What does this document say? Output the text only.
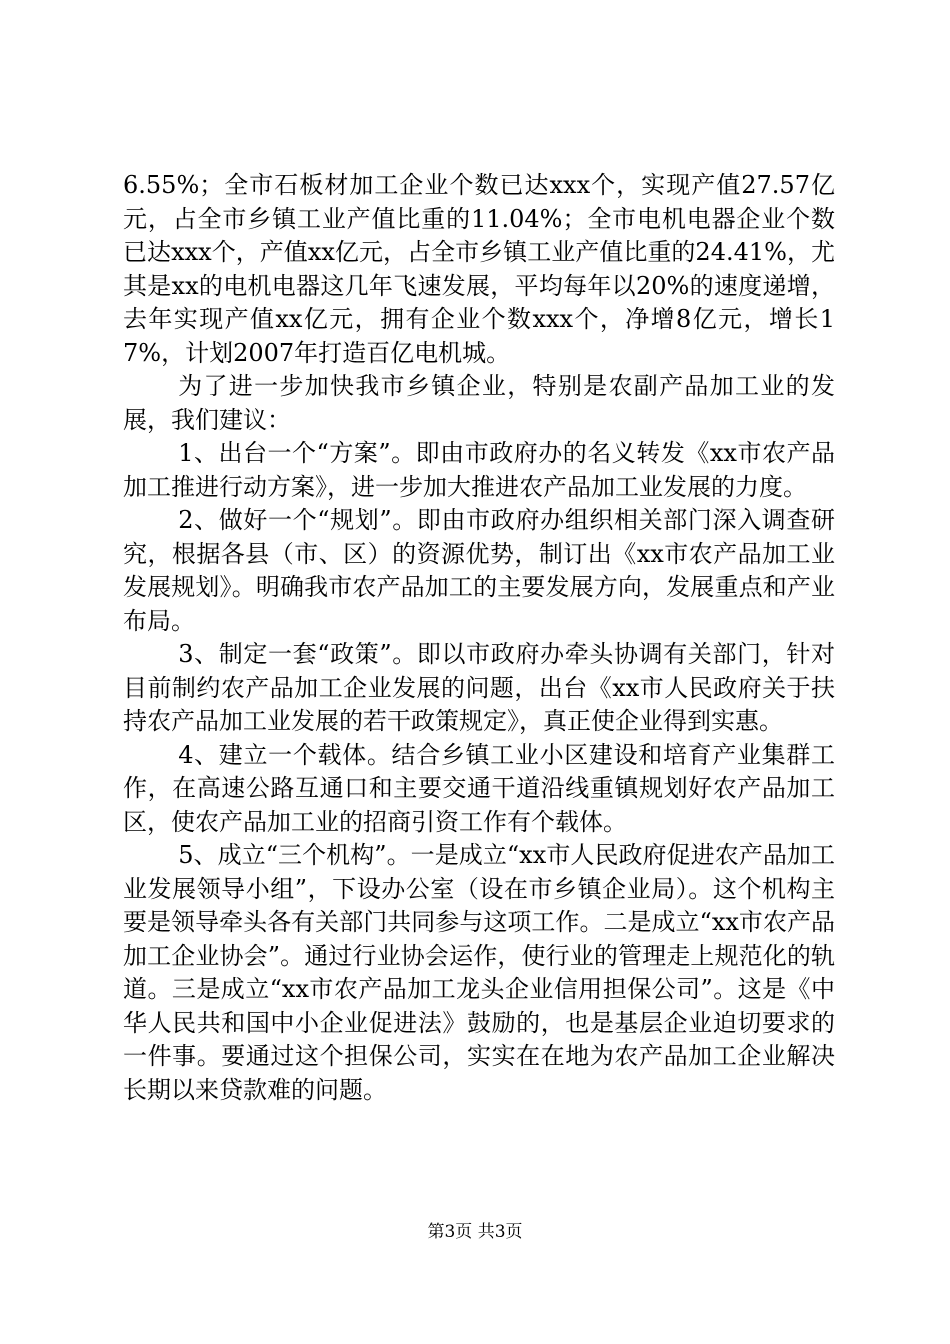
6.55%；全市石板材加工企业个数已达xxx个，实现产值27.57亿元，占全市乡镇工业产值比重的11.04%；全市电机电器企业个数已达xxx个，产值xx亿元，占全市乡镇工业产值比重的24.41%，尤其是xx的电机电器这几年飞速发展，平均每年以20%的速度递增，去年实现产值xx亿元，拥有企业个数xxx个，净增8亿元，增长17%，计划2007年打造百亿电机城。

为了进一步加快我市乡镇企业，特别是农副产品加工业的发展，我们建议：

1、出台一个“方案”。即由市政府办的名义转发《xx市农产品加工推进行动方案》，进一步加大推进农产品加工业发展的力度。

2、做好一个“规划”。即由市政府办组织相关部门深入调查研究，根据各县（市、区）的资源优势，制订出《xx市农产品加工业发展规划》。明确我市农产品加工的主要发展方向，发展重点和产业布局。

3、制定一套“政策”。即以市政府办牵头协调有关部门，针对目前制约农产品加工企业发展的问题，出台《xx市人民政府关于扶持农产品加工业发展的若干政策规定》，真正使企业得到实惠。

4、建立一个载体。结合乡镇工业小区建设和培育产业集群工作，在高速公路互通口和主要交通干道沿线重镇规划好农产品加工区，使农产品加工业的招商引资工作有个载体。

5、成立“三个机构”。一是成立“xx市人民政府促进农产品加工业发展领导小组”，下设办公室（设在市乡镇企业局）。这个机构主要是领导牵头各有关部门共同参与这项工作。二是成立“xx市农产品加工企业协会”。通过行业协会运作，使行业的管理走上规范化的轨道。三是成立“xx市农产品加工龙头企业信用担保公司”。这是《中华人民共和国中小企业促进法》鼓励的，也是基层企业迫切要求的一件事。要通过这个担保公司，实实在在地为农产品加工企业解决长期以来贷款难的问题。

第3页 共3页
